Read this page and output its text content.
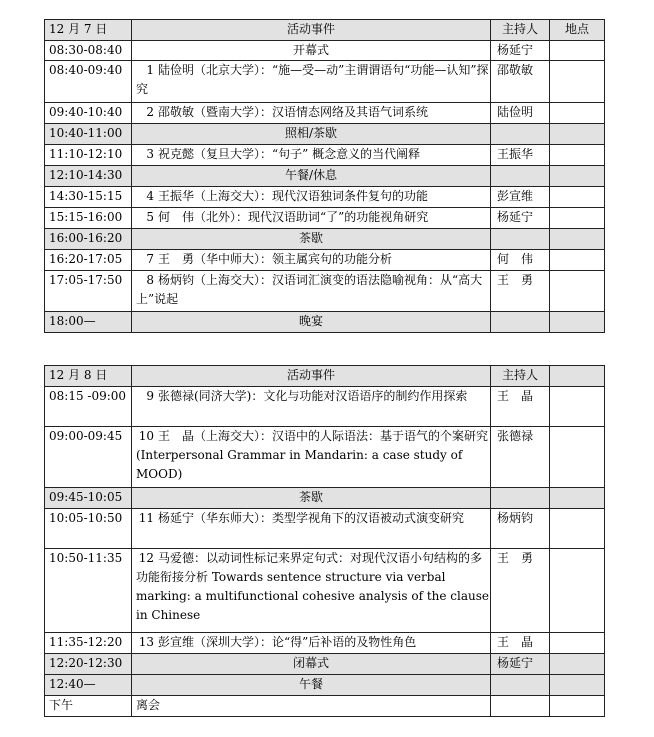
12 月 7 日	活动事件	主持人	地点
08:30-08:40	开幕式	杨延宁	
08:40-09:40	1 陆俭明（北京大学）：“施—受—动”主谓谓语句“功能—认知”探究	邵敬敏	
09:40-10:40	2 邵敬敏（暨南大学）：汉语情态网络及其语气词系统	陆俭明	
10:40-11:00	照相/茶歇		
11:10-12:10	3 祝克懿（复旦大学）：“句子” 概念意义的当代阐释	王振华	
12:10-14:30	午餐/休息		
14:30-15:15	4 王振华（上海交大）：现代汉语独词条件复句的功能	彭宣维	
15:15-16:00	5 何　伟（北外）：现代汉语助词“了”的功能视角研究	杨延宁	
16:00-16:20	茶歇		
16:20-17:05	7 王　勇（华中师大）：领主属宾句的功能分析	何　伟	
17:05-17:50	8 杨炳钧（上海交大）：汉语词汇演变的语法隐喻视角：从“高大上”说起	王　勇	
18:00—	晚宴		
12 月 8 日	活动事件	主持人	
08:15 -09:00	9 张德禄(同济大学)：文化与功能对汉语语序的制约作用探索	王　晶	
09:00-09:45	10 王　晶（上海交大）：汉语中的人际语法：基于语气的个案研究(Interpersonal Grammar in Mandarin: a case study of MOOD)	张德禄	
09:45-10:05	茶歇		
10:05-10:50	11 杨延宁（华东师大）：类型学视角下的汉语被动式演变研究	杨炳钧	
10:50-11:35	12 马爱德：以动词性标记来界定句式：对现代汉语小句结构的多功能衔接分析 Towards sentence structure via verbal marking: a multifunctional cohesive analysis of the clause in Chinese	王　勇	
11:35-12:20	13 彭宣维（深圳大学）：论“得”后补语的及物性角色	王　晶	
12:20-12:30	闭幕式	杨延宁	
12:40—	午餐		
下午	离会		
